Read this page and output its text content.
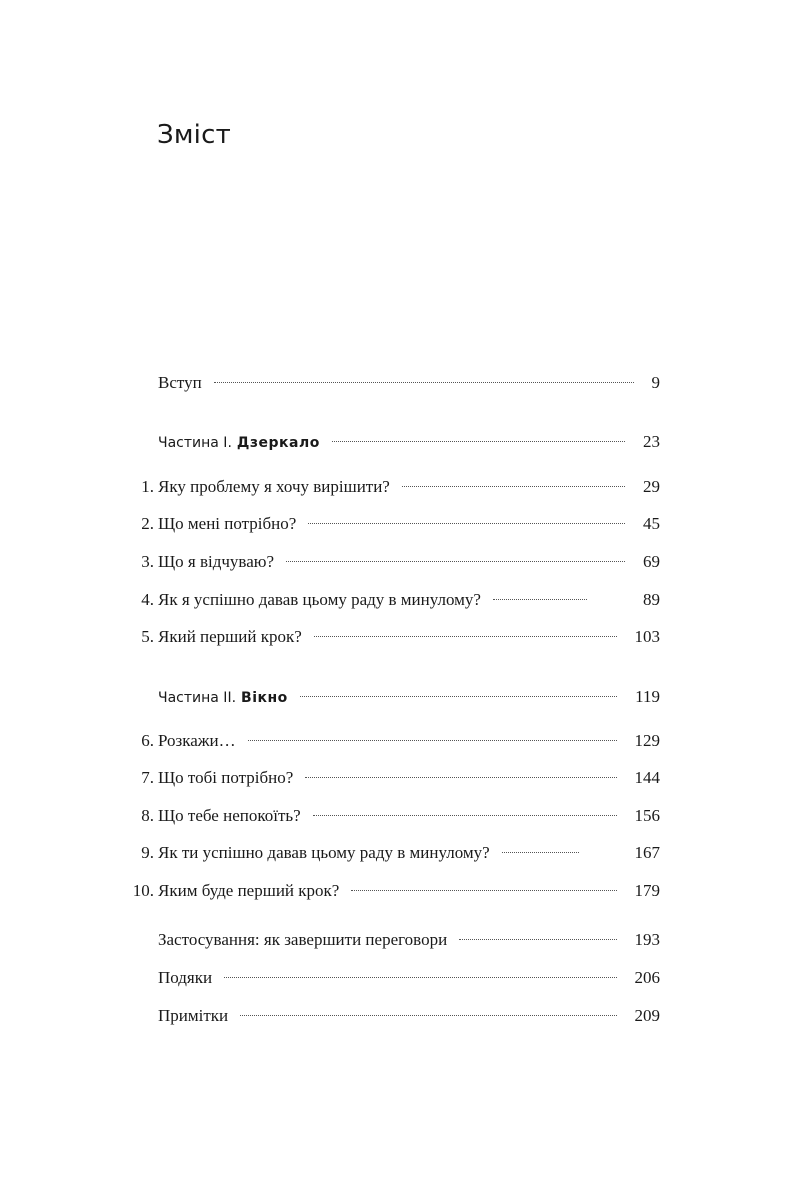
Зміст
Вступ	9
Частина І. Дзеркало	23
1. Яку проблему я хочу вирішити?	29
2. Що мені потрібно?	45
3. Що я відчуваю?	69
4. Як я успішно давав цьому раду в минулому?	89
5. Який перший крок?	103
Частина ІІ. Вікно	119
6. Розкажи…	129
7. Що тобі потрібно?	144
8. Що тебе непокоїть?	156
9. Як ти успішно давав цьому раду в минулому?	167
10. Яким буде перший крок?	179
Застосування: як завершити переговори	193
Подяки	206
Примітки	209
